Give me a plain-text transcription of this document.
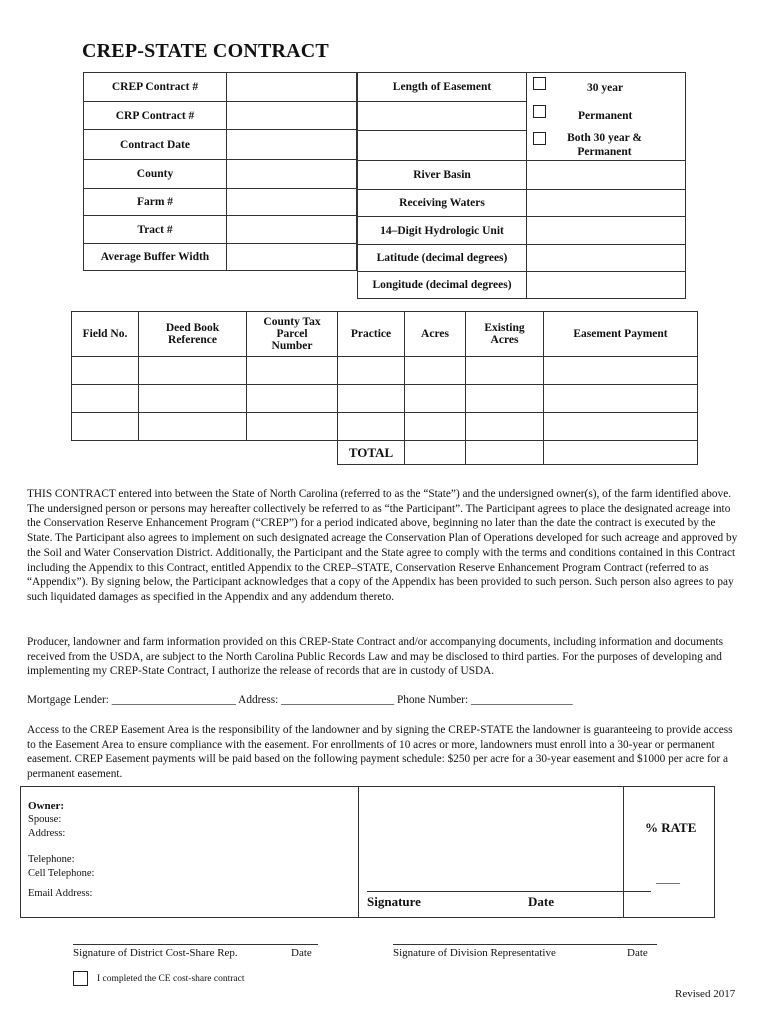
CREP-STATE CONTRACT
CREP Contract #	
CRP Contract #	
Contract Date	
County	
Farm #	
Tract #	
Average Buffer Width	
Length of Easement	30 year
Permanent
Both 30 year & Permanent

River Basin	
Receiving Waters	
14–Digit Hydrologic Unit	
Latitude (decimal degrees)	
Longitude (decimal degrees)	
Field No.	Deed Book Reference	County Tax Parcel Number	Practice	Acres	Existing Acres	Easement Payment

			TOTAL			
THIS CONTRACT entered into between the State of North Carolina (referred to as the “State”) and the undersigned owner(s), of the farm identified above. The undersigned person or persons may hereafter collectively be referred to as “the Participant”. The Participant agrees to place the designated acreage into the Conservation Reserve Enhancement Program (“CREP”) for a period indicated above, beginning no later than the date the contract is executed by the State. The Participant also agrees to implement on such designated acreage the Conservation Plan of Operations developed for such acreage and approved by the Soil and Water Conservation District. Additionally, the Participant and the State agree to comply with the terms and conditions contained in this Contract including the Appendix to this Contract, entitled Appendix to the CREP–STATE, Conservation Reserve Enhancement Program Contract (referred to as “Appendix”). By signing below, the Participant acknowledges that a copy of the Appendix has been provided to such person. Such person also agrees to pay such liquidated damages as specified in the Appendix and any addendum thereto.
Producer, landowner and farm information provided on this CREP-State Contract and/or accompanying documents, including information and documents received from the USDA, are subject to the North Carolina Public Records Law and may be disclosed to third parties. For the purposes of developing and implementing my CREP-State Contract, I authorize the release of records that are in custody of USDA.
Mortgage Lender: ______________________ Address: ____________________ Phone Number: __________________
Access to the CREP Easement Area is the responsibility of the landowner and by signing the CREP-STATE the landowner is guaranteeing to provide access to the Easement Area to ensure compliance with the easement. For enrollments of 10 acres or more, landowners must enroll into a 30-year or permanent easement. CREP Easement payments will be paid based on the following payment schedule: $250 per acre for a 30-year easement and $1000 per acre for a permanent easement.
Owner:
Spouse:
Address:
Telephone:
Cell Telephone:
Email Address:
Signature	Date
% RATE
____
Signature of District Cost-Share Rep.	Date	Signature of Division Representative	Date
I completed the CE cost-share contract
Revised 2017
